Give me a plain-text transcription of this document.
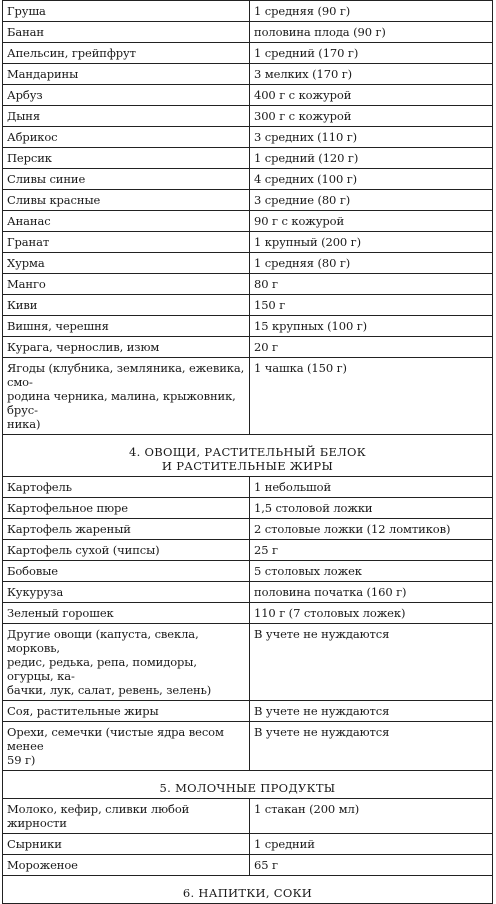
Груша	1 средняя (90 г)
Банан	половина плода (90 г)
Апельсин, грейпфрут	1 средний (170 г)
Мандарины	3 мелких (170 г)
Арбуз	400 г с кожурой
Дыня	300 г с кожурой
Абрикос	3 средних (110 г)
Персик	1 средний (120 г)
Сливы синие	4 средних (100 г)
Сливы красные	3 средние (80 г)
Ананас	90 г с кожурой
Гранат	1 крупный (200 г)
Хурма	1 средняя (80 г)
Манго	80 г
Киви	150 г
Вишня, черешня	15 крупных (100 г)
Курага, чернослив, изюм	20 г

Ягоды (клубника, земляника, ежевика, смо-
родина черника, малина, крыжовник, брус-
ника)	1 чашка (150 г)

4. ОВОЩИ, РАСТИТЕЛЬНЫЙ БЕЛОК
И РАСТИТЕЛЬНЫЕ ЖИРЫ	

Картофель	1 небольшой
Картофельное пюре	1,5 столовой ложки
Картофель жареный	2 столовые ложки (12 ломтиков)
Картофель сухой (чипсы)	25 г
Бобовые	5 столовых ложек
Кукуруза	половина початка (160 г)
Зеленый горошек	110 г (7 столовых ложек)

Другие овощи (капуста, свекла, морковь,
редис, редька, репа, помидоры, огурцы, ка-
бачки, лук, салат, ревень, зелень)	В учете не нуждаются
Соя, растительные жиры	В учете не нуждаются

Орехи, семечки (чистые ядра весом менее
59 г)	В учете не нуждаются
5. МОЛОЧНЫЕ ПРОДУКТЫ	
Молоко, кефир, сливки любой жирности	1 стакан (200 мл)
Сырники	1 средний
Мороженое	65 г
6. НАПИТКИ, СОКИ	
